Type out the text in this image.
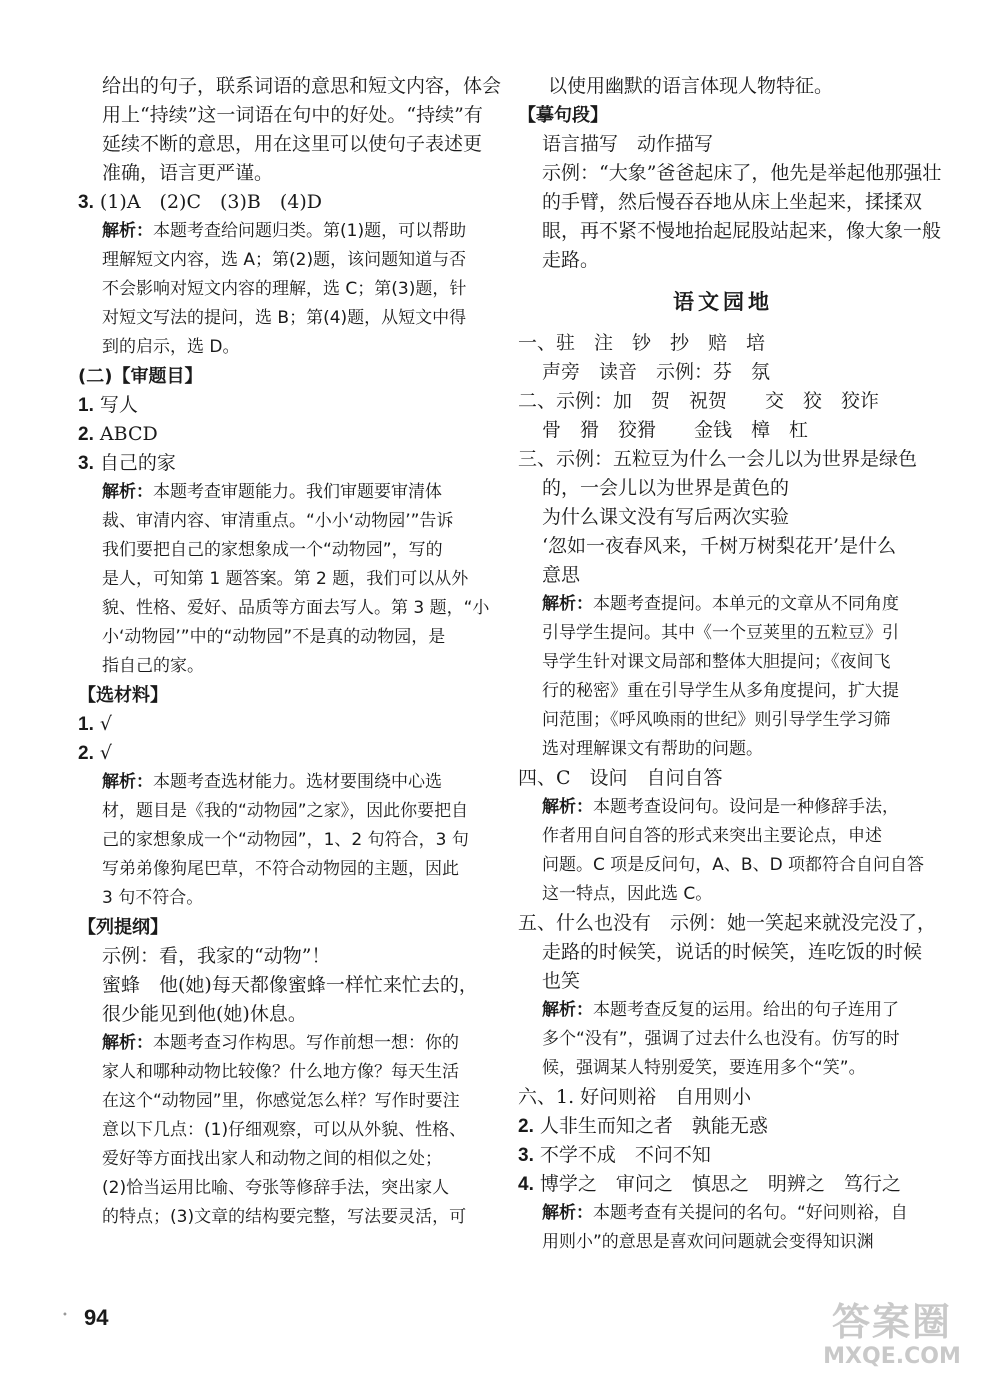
给出的句子，联系词语的意思和短文内容，体会
用上“持续”这一词语在句中的好处。“持续”有
延续不断的意思，用在这里可以使句子表述更
准确，语言更严谨。
3. (1)A　(2)C　(3)B　(4)D
解析：本题考查给问题归类。第(1)题，可以帮助
理解短文内容，选 A；第(2)题，该问题知道与否
不会影响对短文内容的理解，选 C；第(3)题，针
对短文写法的提问，选 B；第(4)题，从短文中得
到的启示，选 D。
(二)【审题目】
1. 写人
2. ABCD
3. 自己的家
解析：本题考查审题能力。我们审题要审清体
裁、审清内容、审清重点。“小小‘动物园’”告诉
我们要把自己的家想象成一个“动物园”，写的
是人，可知第 1 题答案。第 2 题，我们可以从外
貌、性格、爱好、品质等方面去写人。第 3 题，“小
小‘动物园’”中的“动物园”不是真的动物园，是
指自己的家。
【选材料】
1. √
2. √
解析：本题考查选材能力。选材要围绕中心选
材，题目是《我的“动物园”之家》，因此你要把自
己的家想象成一个“动物园”，1、2 句符合，3 句
写弟弟像狗尾巴草，不符合动物园的主题，因此
3 句不符合。
【列提纲】
示例：看，我家的“动物”！
蜜蜂　他(她)每天都像蜜蜂一样忙来忙去的，
很少能见到他(她)休息。
解析：本题考查习作构思。写作前想一想：你的
家人和哪种动物比较像？什么地方像？每天生活
在这个“动物园”里，你感觉怎么样？写作时要注
意以下几点：(1)仔细观察，可以从外貌、性格、
爱好等方面找出家人和动物之间的相似之处；
(2)恰当运用比喻、夸张等修辞手法，突出家人
的特点；(3)文章的结构要完整，写法要灵活，可
以使用幽默的语言体现人物特征。
【摹句段】
语言描写　动作描写
示例：“大象”爸爸起床了，他先是举起他那强壮
的手臂，然后慢吞吞地从床上坐起来，揉揉双
眼，再不紧不慢地抬起屁股站起来，像大象一般
走路。
语文园地
一、驻　注　钞　抄　赔　培
声旁　读音　示例：芬　氛
二、示例：加　贺　祝贺　　交　狡　狡诈
骨　猾　狡猾　　金钱　樟　杠
三、示例：五粒豆为什么一会儿以为世界是绿色
的，一会儿以为世界是黄色的
为什么课文没有写后两次实验
‘忽如一夜春风来，千树万树梨花开’是什么
意思
解析：本题考查提问。本单元的文章从不同角度
引导学生提问。其中《一个豆荚里的五粒豆》引
导学生针对课文局部和整体大胆提问；《夜间飞
行的秘密》重在引导学生从多角度提问，扩大提
问范围；《呼风唤雨的世纪》则引导学生学习筛
选对理解课文有帮助的问题。
四、C　设问　自问自答
解析：本题考查设问句。设问是一种修辞手法，
作者用自问自答的形式来突出主要论点，申述
问题。C 项是反问句，A、B、D 项都符合自问自答
这一特点，因此选 C。
五、什么也没有　示例：她一笑起来就没完没了，
走路的时候笑，说话的时候笑，连吃饭的时候
也笑
解析：本题考查反复的运用。给出的句子连用了
多个“没有”，强调了过去什么也没有。仿写的时
候，强调某人特别爱笑，要连用多个“笑”。
六、1. 好问则裕　自用则小
2. 人非生而知之者　孰能无惑
3. 不学不成　不问不知
4. 博学之　审问之　慎思之　明辨之　笃行之
解析：本题考查有关提问的名句。“好问则裕，自
用则小”的意思是喜欢问问题就会变得知识渊
• 94	答案圈
MXQE.COM
